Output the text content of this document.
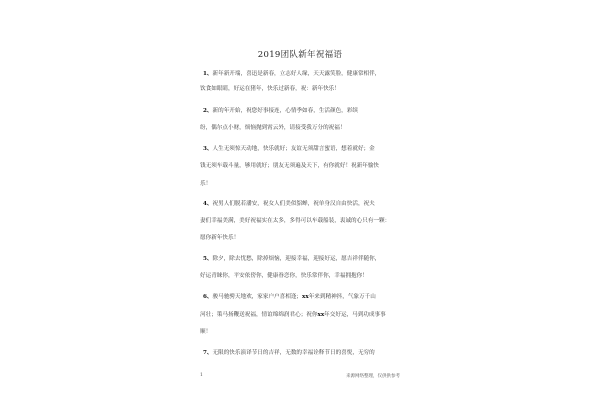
2019团队新年祝福语
1、新年新开端，喜迅是新春，立志好人缘，天天露笑脸，健康常相伴，
饮食如眼睛，好运在猪年，快乐过新春，祝：新年快乐！
2、新的年开始，祝您好事接连，心情季如春，生活颜色，彩缤
纷，偶尔点小财，烦恼抛到霄云外，请接受我万分的祝福！
3、人生无须惊天动地，快乐就好；友谊无须甜言蜜语，想着就好；金
钱无须车载斗量，够用就好；朋友无须遍及天下，有你就好！祝新年愉快
乐！
4、祝男人们脱若潘安，祝女人们美似貂蝉，祝单身汉自由快活，祝夫
妻们幸福美满，美好祝福实在太多，多得可以车载船装，衷诚的心只有一颗：
愿你新年快乐！
5、除夕，除去忧愁，除掉烦恼，迎接幸福，迎接好运，愿吉祥伴随你，
好运青睐你，平安依傍你，健康眷恋你，快乐常伴你，幸福拥抱你！
6、骏马驰骋天地欢，家家户户喜相逢；xx年来到精神抖，气象万千山
河壮；策马扬鞭送祝福，情谊绵绵润君心；祝你xx年交好运，马到功成事事
顺！
7、无限的快乐演译节日的吉祥，无数的幸福诠释节日的喜悦，无穷的
1	来源网络整理，仅供供参考
